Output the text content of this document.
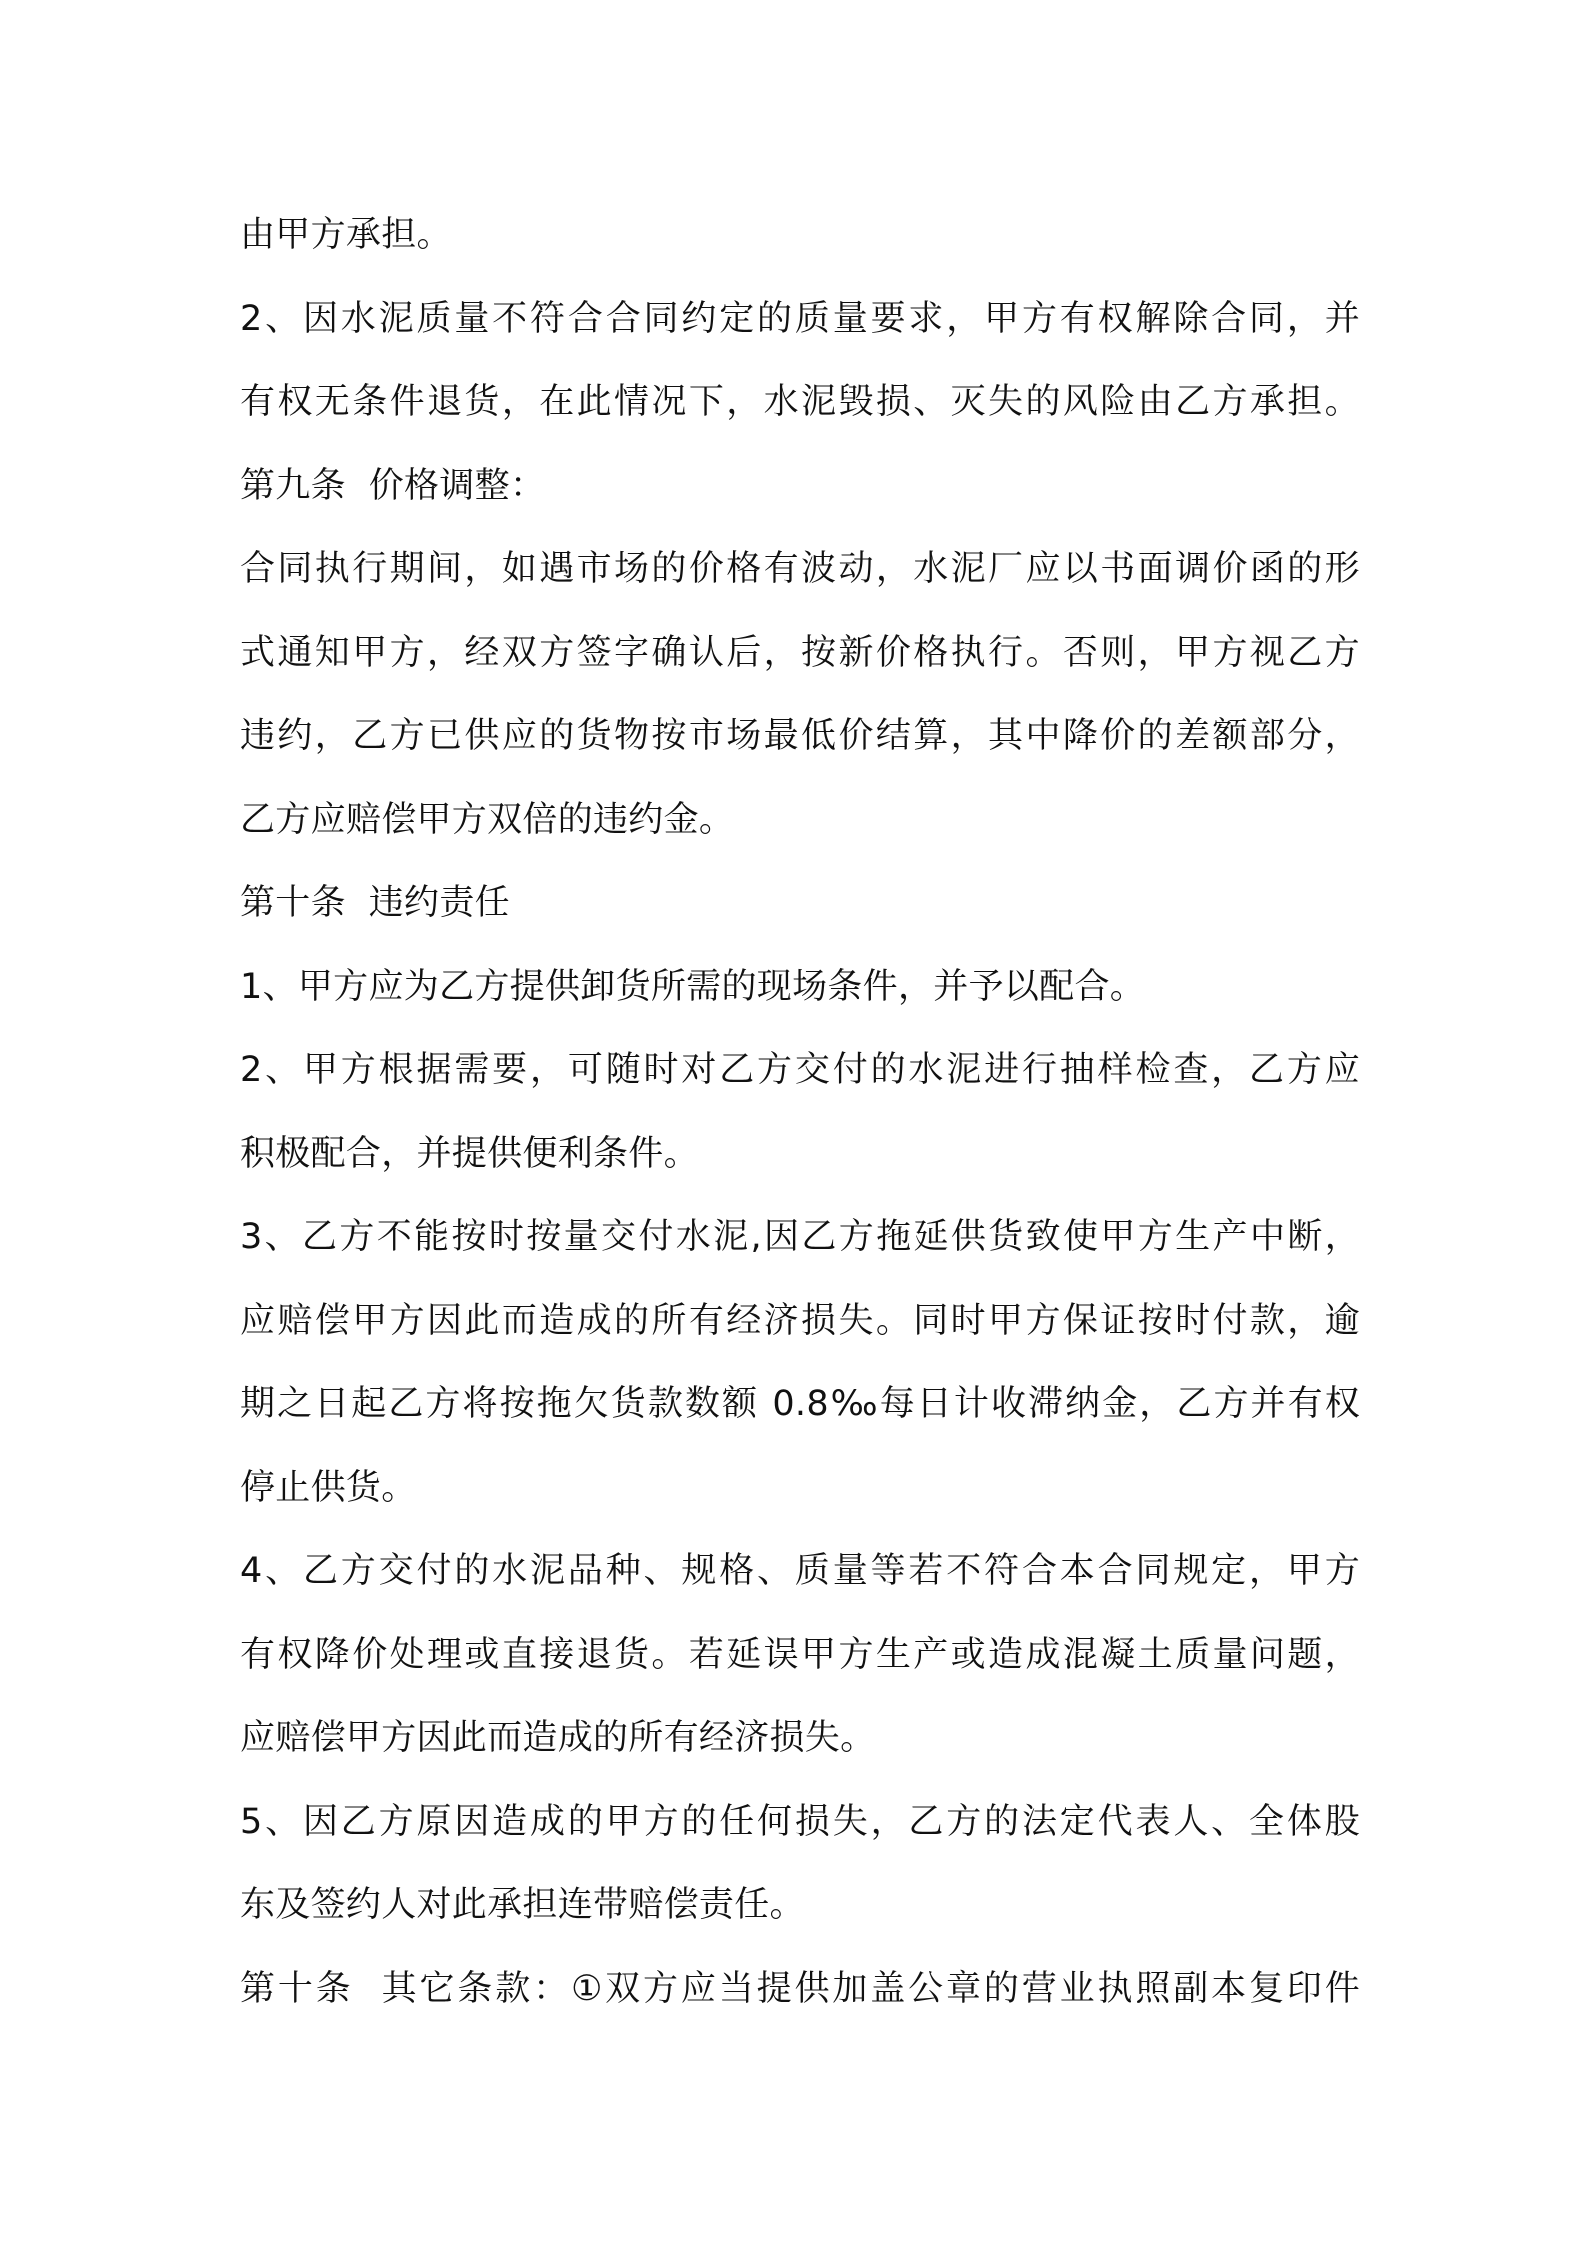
由甲方承担。
2、因水泥质量不符合合同约定的质量要求，甲方有权解除合同，并
有权无条件退货，在此情况下，水泥毁损、灭失的风险由乙方承担。
第九条  价格调整：
合同执行期间，如遇市场的价格有波动，水泥厂应以书面调价函的形
式通知甲方，经双方签字确认后，按新价格执行。否则，甲方视乙方
违约，乙方已供应的货物按市场最低价结算，其中降价的差额部分，
乙方应赔偿甲方双倍的违约金。
第十条  违约责任
1、甲方应为乙方提供卸货所需的现场条件，并予以配合。
2、甲方根据需要，可随时对乙方交付的水泥进行抽样检查，乙方应
积极配合，并提供便利条件。
3、乙方不能按时按量交付水泥,因乙方拖延供货致使甲方生产中断，
应赔偿甲方因此而造成的所有经济损失。同时甲方保证按时付款，逾
期之日起乙方将按拖欠货款数额 0.8‰每日计收滞纳金，乙方并有权
停止供货。
4、乙方交付的水泥品种、规格、质量等若不符合本合同规定，甲方
有权降价处理或直接退货。若延误甲方生产或造成混凝土质量问题，
应赔偿甲方因此而造成的所有经济损失。
5、因乙方原因造成的甲方的任何损失，乙方的法定代表人、全体股
东及签约人对此承担连带赔偿责任。
第十条  其它条款：①双方应当提供加盖公章的营业执照副本复印件
